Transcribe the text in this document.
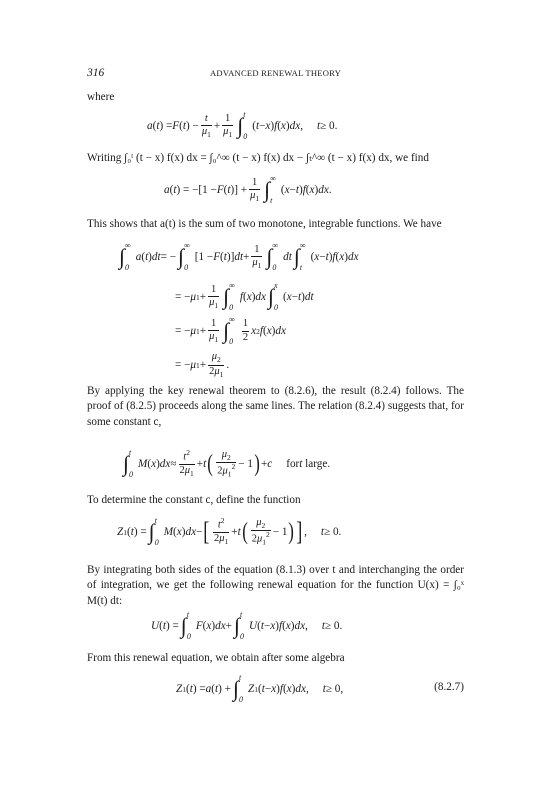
316	ADVANCED RENEWAL THEORY
where
a ( t ) = F ( t ) − $\frac{t}{\mu_1} + \frac{1}{\mu_1}$ ∫ t
0
( t − x ) f ( x ) dx , t ≥ 0.
Writing ∫₀ᵗ (t − x) f(x) dx = ∫₀^∞ (t − x) f(x) dx − ∫ₜ^∞ (t − x) f(x) dx, we find
a ( t ) = −[1 − F ( t )] + $\frac{1}{\mu_1}$ ∫ ∞
t
( x − t ) f ( x ) dx .
This shows that a(t) is the sum of two monotone, integrable functions. We have
∫ ∞
0
a ( t ) dt = − ∫ ∞
0
[1 − F ( t )] dt + $\frac{1}{\mu_1}$ ∫ ∞
0
dt ∫ ∞
t
( x − t ) f ( x ) dx
= − μ $1 + \frac{1}{\mu_1}$ ∫ ∞
0
f ( x ) dx ∫ x
0
( x − t ) dt
= − μ $1 + \frac{1}{\mu_1}$ ∫ ∞
$0 \frac{1}{2}$ x 2 f ( x ) dx
= − μ $1 + \frac{\mu_2}{2\mu_1}$ .

By applying the key renewal theorem to (8.2.6), the result (8.2.4) follows. The proof of (8.2.5) proceeds along the same lines. The relation (8.2.4) suggests that, for some constant c,

∫ t
0
M ( x ) dx ≈ $\frac{t^2}{2\mu_1} + t$ ( $\frac{\mu_2}{2\mu_1^2} - 1$ ) + c for t large.
To determine the constant c, define the function
Z 1 ( t ) = ∫ t
0
M ( x ) dx − [ $\frac{t^2}{2\mu_1} + t$ ( $\frac{\mu_2}{2\mu_1^2} - 1$ ) ] , t ≥ 0.

By integrating both sides of the equation (8.1.3) over t and interchanging the order of integration, we get the following renewal equation for the function U(x) = ∫₀ˣ M(t) dt:

U ( t ) = ∫ t
0
F ( x ) dx + ∫ t
0
U ( t − x ) f ( x ) dx , t ≥ 0.
From this renewal equation, we obtain after some algebra
Z 1 ( t ) = a ( t ) + ∫ t
0
Z 1 ( t − x ) f ( x ) dx , t ≥ 0,	(8.2.7)
